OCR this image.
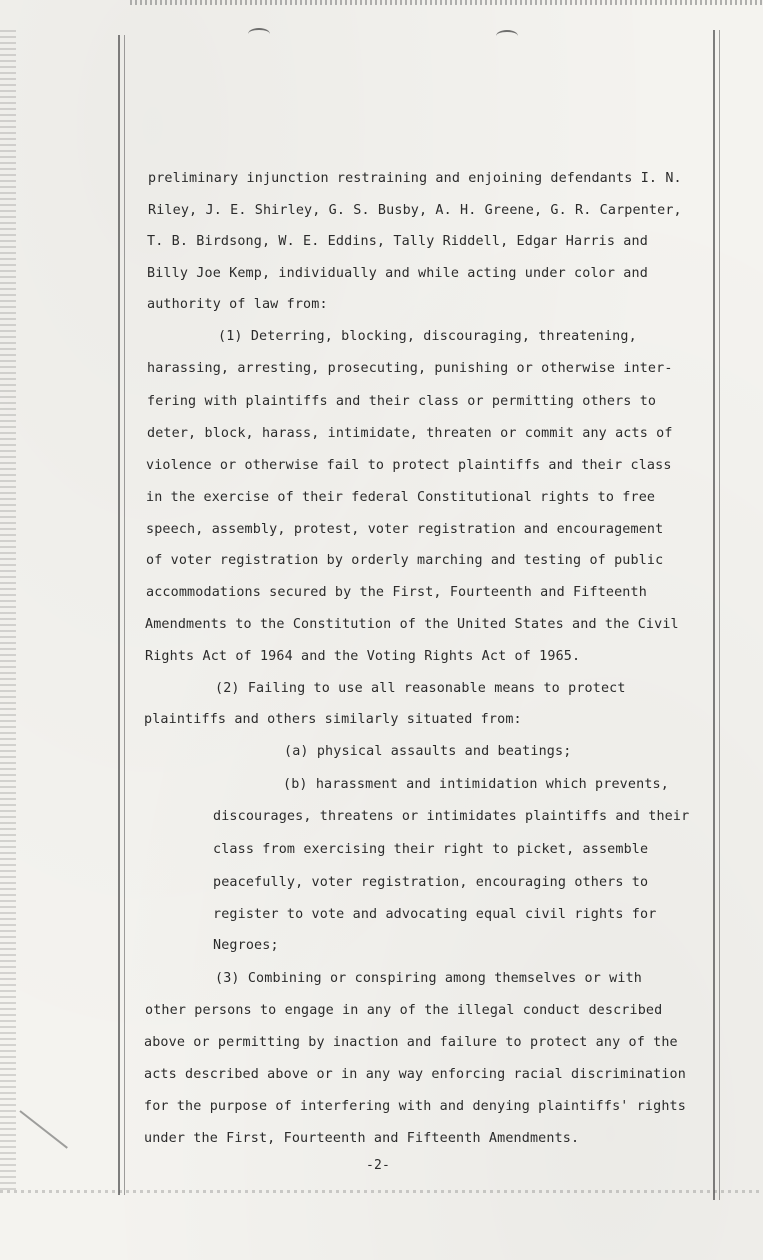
preliminary injunction restraining and enjoining defendants I. N.
Riley, J. E. Shirley, G. S. Busby, A. H. Greene, G. R. Carpenter,
T. B. Birdsong, W. E. Eddins, Tally Riddell, Edgar Harris and
Billy Joe Kemp, individually and while acting under color and
authority of law from:
(1) Deterring, blocking, discouraging, threatening,
harassing, arresting, prosecuting, punishing or otherwise inter-
fering with plaintiffs and their class or permitting others to
deter, block, harass, intimidate, threaten or commit any acts of
violence or otherwise fail to protect plaintiffs and their class
in the exercise of their federal Constitutional rights to free
speech, assembly, protest, voter registration and encouragement
of voter registration by orderly marching and testing of public
accommodations secured by the First, Fourteenth and Fifteenth
Amendments to the Constitution of the United States and the Civil
Rights Act of 1964 and the Voting Rights Act of 1965.
(2) Failing to use all reasonable means to protect
plaintiffs and others similarly situated from:
(a) physical assaults and beatings;
(b) harassment and intimidation which prevents,
discourages, threatens or intimidates plaintiffs and their
class from exercising their right to picket, assemble
peacefully, voter registration, encouraging others to
register to vote and advocating equal civil rights for
Negroes;
(3) Combining or conspiring among themselves or with
other persons to engage in any of the illegal conduct described
above or permitting by inaction and failure to protect any of the
acts described above or in any way enforcing racial discrimination
for the purpose of interfering with and denying plaintiffs' rights
under the First, Fourteenth and Fifteenth Amendments.
-2-
